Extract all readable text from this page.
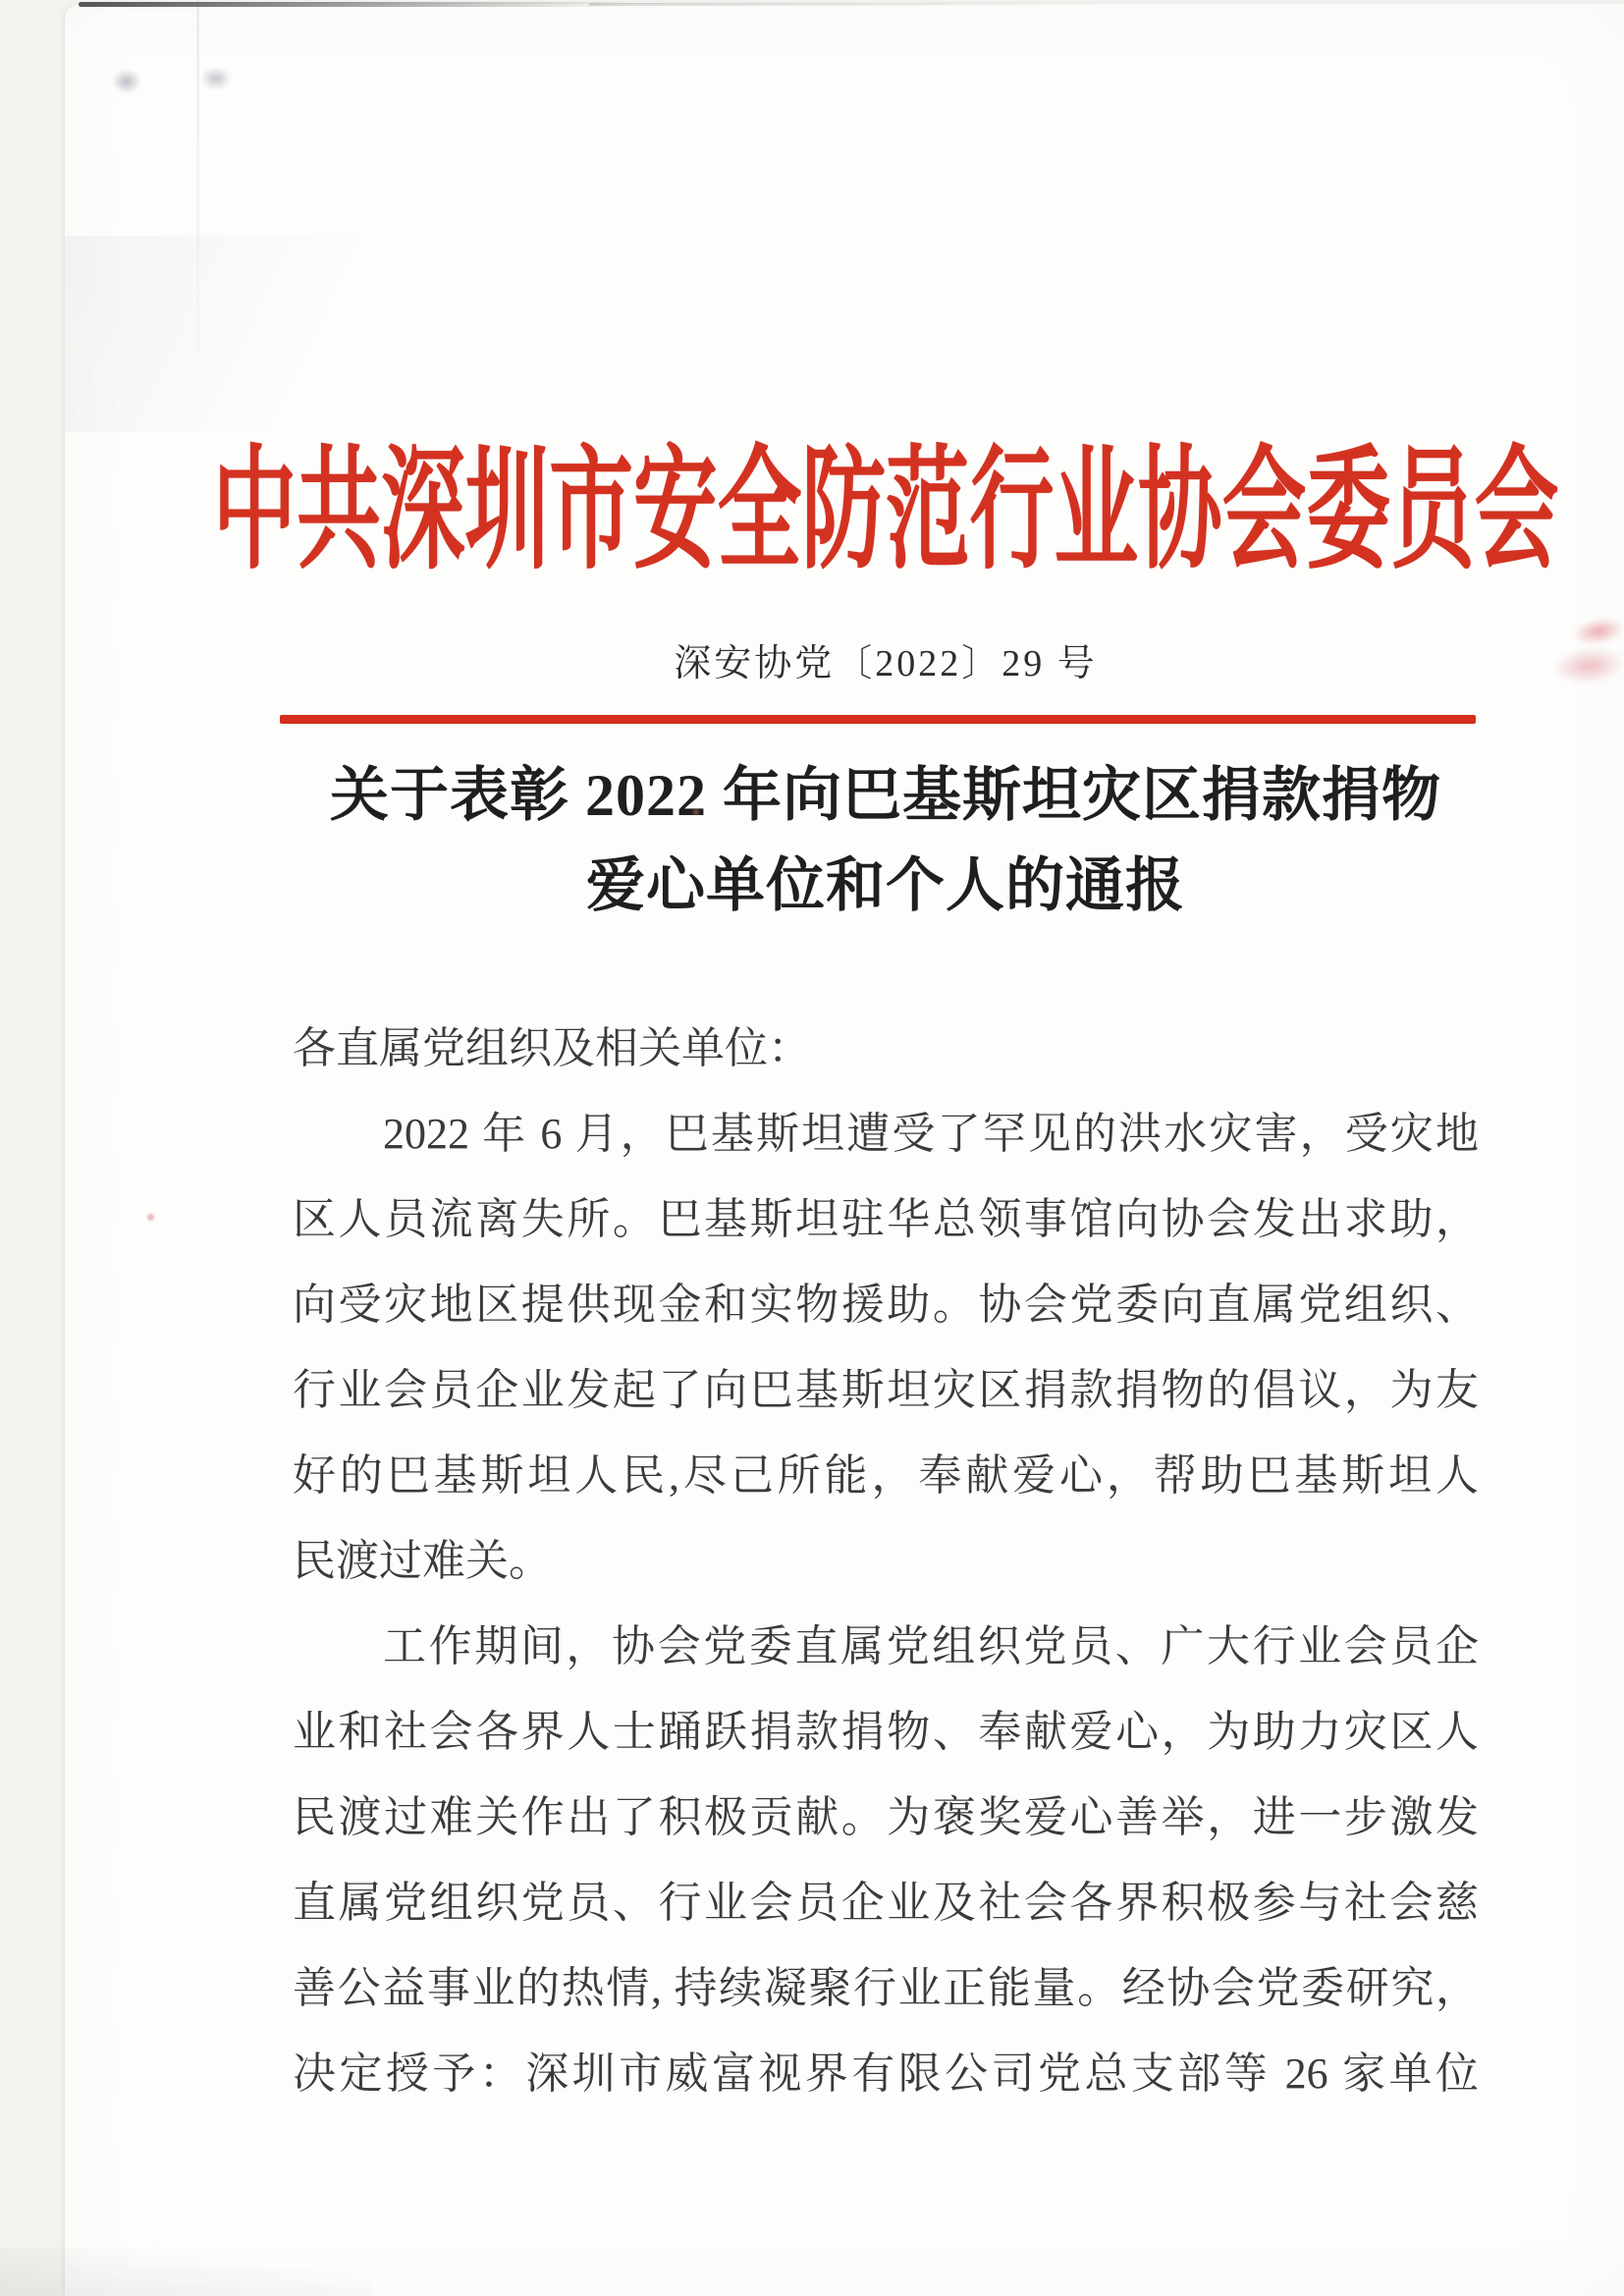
中共深圳市安全防范行业协会委员会
深安协党〔2022〕29 号
关于表彰 2022 年向巴基斯坦灾区捐款捐物
爱心单位和个人的通报
各直属党组织及相关单位：
2022 年 6 月，巴基斯坦遭受了罕见的洪水灾害，受灾地
区人员流离失所。巴基斯坦驻华总领事馆向协会发出求助，
向受灾地区提供现金和实物援助。协会党委向直属党组织、
行业会员企业发起了向巴基斯坦灾区捐款捐物的倡议，为友
好的巴基斯坦人民,尽己所能，奉献爱心，帮助巴基斯坦人
民渡过难关。
工作期间，协会党委直属党组织党员、广大行业会员企
业和社会各界人士踊跃捐款捐物、奉献爱心，为助力灾区人
民渡过难关作出了积极贡献。为褒奖爱心善举，进一步激发
直属党组织党员、行业会员企业及社会各界积极参与社会慈
善公益事业的热情, 持续凝聚行业正能量。经协会党委研究，
决定授予：深圳市威富视界有限公司党总支部等 26 家单位
